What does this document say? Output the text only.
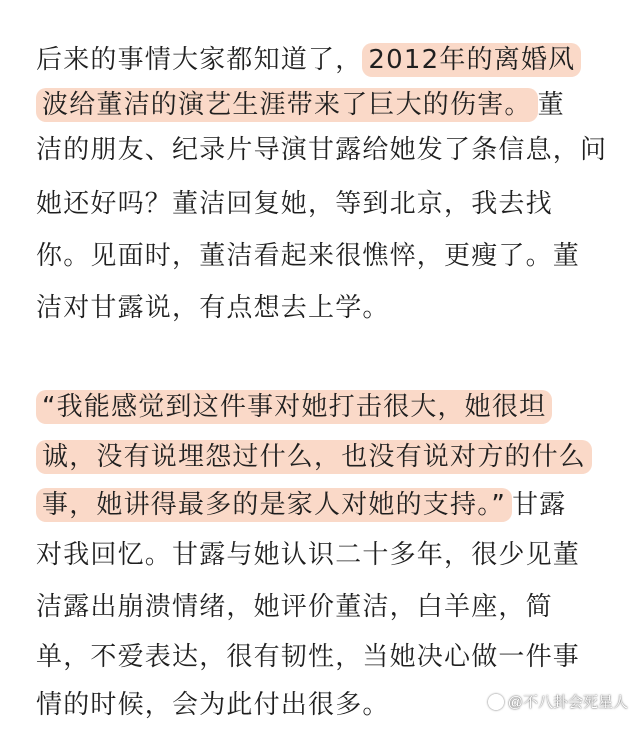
后来的事情大家都知道了， 2012年的离婚风
波给董洁的演艺生涯带来了巨大的伤害。 董
洁的朋友、纪录片导演甘露给她发了条信息，问
她还好吗？董洁回复她，等到北京，我去找
你。见面时，董洁看起来很憔悴，更瘦了。董
洁对甘露说，有点想去上学。
“我能感觉到这件事对她打击很大，她很坦
诚，没有说埋怨过什么，也没有说对方的什么
事，她讲得最多的是家人对她的支持。” 甘露
对我回忆。甘露与她认识二十多年，很少见董
洁露出崩溃情绪，她评价董洁，白羊座，简
单，不爱表达，很有韧性，当她决心做一件事
情的时候，会为此付出很多。	@不八卦会死星人
